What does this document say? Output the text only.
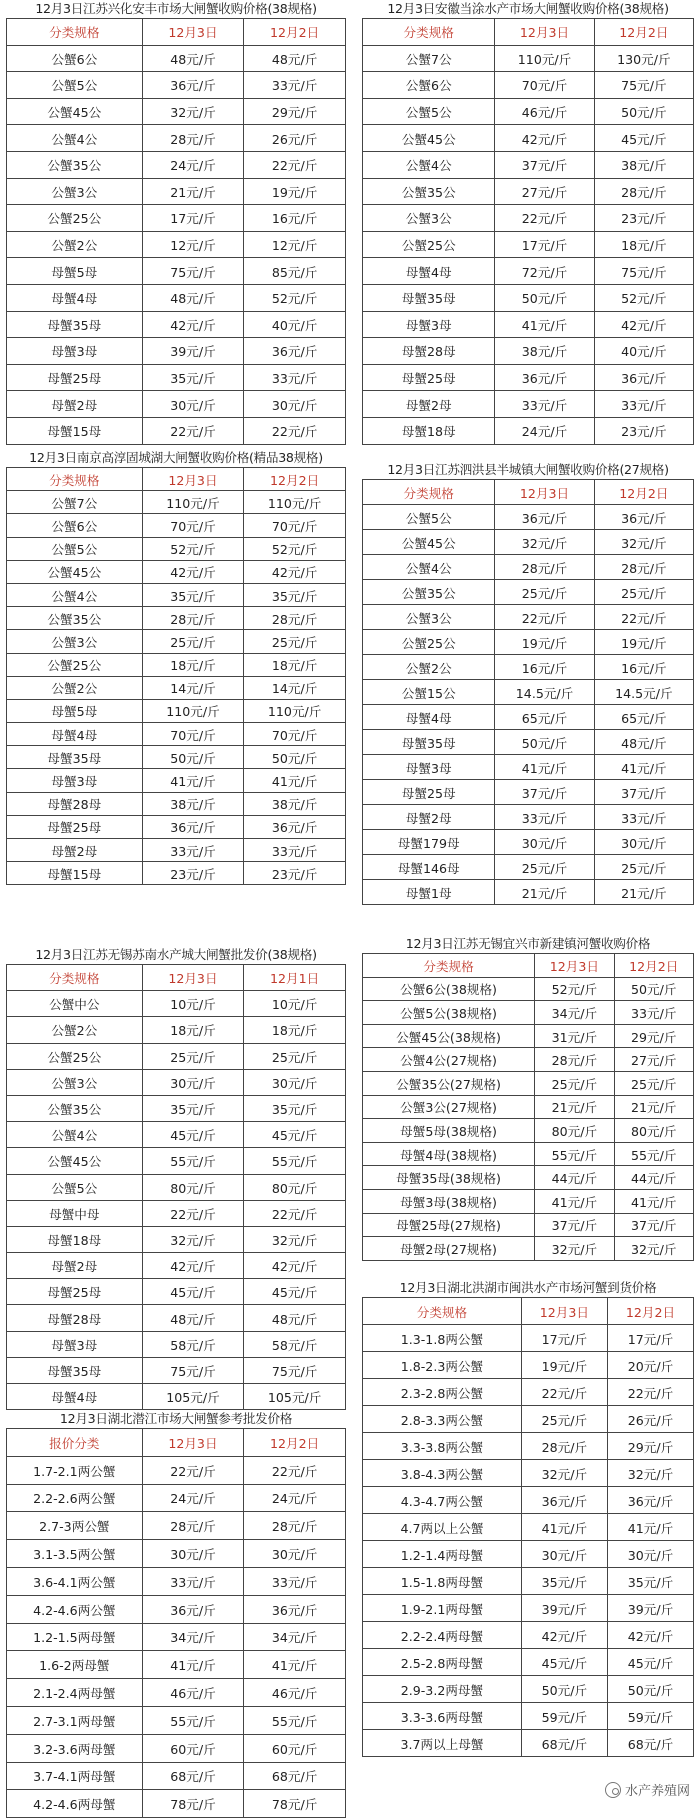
12月3日江苏兴化安丰市场大闸蟹收购价格(38规格)
分类规格	12月3日	12月2日
公蟹6公	48元/斤	48元/斤
公蟹5公	36元/斤	33元/斤
公蟹45公	32元/斤	29元/斤
公蟹4公	28元/斤	26元/斤
公蟹35公	24元/斤	22元/斤
公蟹3公	21元/斤	19元/斤
公蟹25公	17元/斤	16元/斤
公蟹2公	12元/斤	12元/斤
母蟹5母	75元/斤	85元/斤
母蟹4母	48元/斤	52元/斤
母蟹35母	42元/斤	40元/斤
母蟹3母	39元/斤	36元/斤
母蟹25母	35元/斤	33元/斤
母蟹2母	30元/斤	30元/斤
母蟹15母	22元/斤	22元/斤
12月3日南京高淳固城湖大闸蟹收购价格(精品38规格)
分类规格	12月3日	12月2日
公蟹7公	110元/斤	110元/斤
公蟹6公	70元/斤	70元/斤
公蟹5公	52元/斤	52元/斤
公蟹45公	42元/斤	42元/斤
公蟹4公	35元/斤	35元/斤
公蟹35公	28元/斤	28元/斤
公蟹3公	25元/斤	25元/斤
公蟹25公	18元/斤	18元/斤
公蟹2公	14元/斤	14元/斤
母蟹5母	110元/斤	110元/斤
母蟹4母	70元/斤	70元/斤
母蟹35母	50元/斤	50元/斤
母蟹3母	41元/斤	41元/斤
母蟹28母	38元/斤	38元/斤
母蟹25母	36元/斤	36元/斤
母蟹2母	33元/斤	33元/斤
母蟹15母	23元/斤	23元/斤
12月3日江苏无锡苏南水产城大闸蟹批发价(38规格)
分类规格	12月3日	12月1日
公蟹中公	10元/斤	10元/斤
公蟹2公	18元/斤	18元/斤
公蟹25公	25元/斤	25元/斤
公蟹3公	30元/斤	30元/斤
公蟹35公	35元/斤	35元/斤
公蟹4公	45元/斤	45元/斤
公蟹45公	55元/斤	55元/斤
公蟹5公	80元/斤	80元/斤
母蟹中母	22元/斤	22元/斤
母蟹18母	32元/斤	32元/斤
母蟹2母	42元/斤	42元/斤
母蟹25母	45元/斤	45元/斤
母蟹28母	48元/斤	48元/斤
母蟹3母	58元/斤	58元/斤
母蟹35母	75元/斤	75元/斤
母蟹4母	105元/斤	105元/斤
12月3日湖北潜江市场大闸蟹参考批发价格
报价分类	12月3日	12月2日
1.7-2.1两公蟹	22元/斤	22元/斤
2.2-2.6两公蟹	24元/斤	24元/斤
2.7-3两公蟹	28元/斤	28元/斤
3.1-3.5两公蟹	30元/斤	30元/斤
3.6-4.1两公蟹	33元/斤	33元/斤
4.2-4.6两公蟹	36元/斤	36元/斤
1.2-1.5两母蟹	34元/斤	34元/斤
1.6-2两母蟹	41元/斤	41元/斤
2.1-2.4两母蟹	46元/斤	46元/斤
2.7-3.1两母蟹	55元/斤	55元/斤
3.2-3.6两母蟹	60元/斤	60元/斤
3.7-4.1两母蟹	68元/斤	68元/斤
4.2-4.6两母蟹	78元/斤	78元/斤
12月3日安徽当涂水产市场大闸蟹收购价格(38规格)
分类规格	12月3日	12月2日
公蟹7公	110元/斤	130元/斤
公蟹6公	70元/斤	75元/斤
公蟹5公	46元/斤	50元/斤
公蟹45公	42元/斤	45元/斤
公蟹4公	37元/斤	38元/斤
公蟹35公	27元/斤	28元/斤
公蟹3公	22元/斤	23元/斤
公蟹25公	17元/斤	18元/斤
母蟹4母	72元/斤	75元/斤
母蟹35母	50元/斤	52元/斤
母蟹3母	41元/斤	42元/斤
母蟹28母	38元/斤	40元/斤
母蟹25母	36元/斤	36元/斤
母蟹2母	33元/斤	33元/斤
母蟹18母	24元/斤	23元/斤
12月3日江苏泗洪县半城镇大闸蟹收购价格(27规格)
分类规格	12月3日	12月2日
公蟹5公	36元/斤	36元/斤
公蟹45公	32元/斤	32元/斤
公蟹4公	28元/斤	28元/斤
公蟹35公	25元/斤	25元/斤
公蟹3公	22元/斤	22元/斤
公蟹25公	19元/斤	19元/斤
公蟹2公	16元/斤	16元/斤
公蟹15公	14.5元/斤	14.5元/斤
母蟹4母	65元/斤	65元/斤
母蟹35母	50元/斤	48元/斤
母蟹3母	41元/斤	41元/斤
母蟹25母	37元/斤	37元/斤
母蟹2母	33元/斤	33元/斤
母蟹179母	30元/斤	30元/斤
母蟹146母	25元/斤	25元/斤
母蟹1母	21元/斤	21元/斤
12月3日江苏无锡宜兴市新建镇河蟹收购价格
分类规格	12月3日	12月2日
公蟹6公(38规格)	52元/斤	50元/斤
公蟹5公(38规格)	34元/斤	33元/斤
公蟹45公(38规格)	31元/斤	29元/斤
公蟹4公(27规格)	28元/斤	27元/斤
公蟹35公(27规格)	25元/斤	25元/斤
公蟹3公(27规格)	21元/斤	21元/斤
母蟹5母(38规格)	80元/斤	80元/斤
母蟹4母(38规格)	55元/斤	55元/斤
母蟹35母(38规格)	44元/斤	44元/斤
母蟹3母(38规格)	41元/斤	41元/斤
母蟹25母(27规格)	37元/斤	37元/斤
母蟹2母(27规格)	32元/斤	32元/斤
12月3日湖北洪湖市闽洪水产市场河蟹到货价格
分类规格	12月3日	12月2日
1.3-1.8两公蟹	17元/斤	17元/斤
1.8-2.3两公蟹	19元/斤	20元/斤
2.3-2.8两公蟹	22元/斤	22元/斤
2.8-3.3两公蟹	25元/斤	26元/斤
3.3-3.8两公蟹	28元/斤	29元/斤
3.8-4.3两公蟹	32元/斤	32元/斤
4.3-4.7两公蟹	36元/斤	36元/斤
4.7两以上公蟹	41元/斤	41元/斤
1.2-1.4两母蟹	30元/斤	30元/斤
1.5-1.8两母蟹	35元/斤	35元/斤
1.9-2.1两母蟹	39元/斤	39元/斤
2.2-2.4两母蟹	42元/斤	42元/斤
2.5-2.8两母蟹	45元/斤	45元/斤
2.9-3.2两母蟹	50元/斤	50元/斤
3.3-3.6两母蟹	59元/斤	59元/斤
3.7两以上母蟹	68元/斤	68元/斤
水产养殖网
